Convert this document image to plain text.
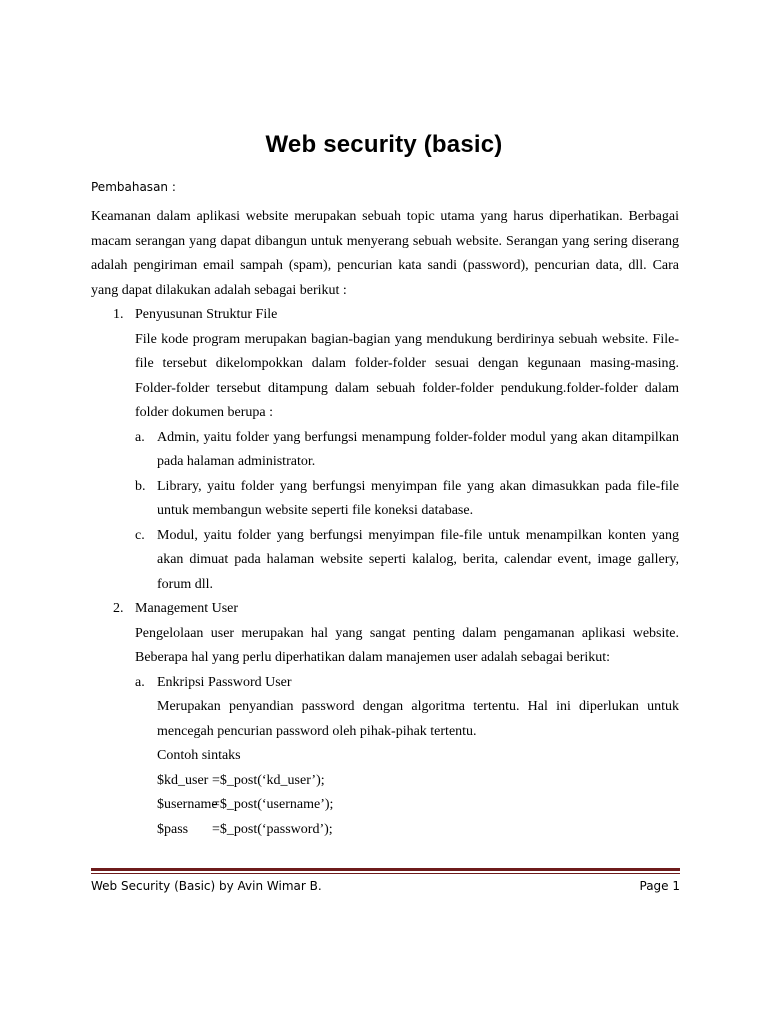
Web security (basic)
Pembahasan :

Keamanan dalam aplikasi website merupakan sebuah topic utama yang harus diperhatikan. Berbagai macam serangan yang dapat dibangun untuk menyerang sebuah website. Serangan yang sering diserang adalah pengiriman email sampah (spam), pencurian kata sandi (password), pencurian data, dll. Cara yang dapat dilakukan adalah sebagai berikut :

1. Penyusunan Struktur File

File kode program merupakan bagian-bagian yang mendukung berdirinya sebuah website. File-file tersebut dikelompokkan dalam folder-folder sesuai dengan kegunaan masing-masing. Folder-folder tersebut ditampung dalam sebuah folder-folder pendukung.folder-folder dalam folder dokumen berupa :

a. Admin, yaitu folder yang berfungsi menampung folder-folder modul yang akan ditampilkan pada halaman administrator.

b. Library, yaitu folder yang berfungsi menyimpan file yang akan dimasukkan pada file-file untuk membangun website seperti file koneksi database.

c. Modul, yaitu folder yang berfungsi menyimpan file-file untuk menampilkan konten yang akan dimuat pada halaman website seperti kalalog, berita, calendar event, image gallery, forum dll.

2. Management User

Pengelolaan user merupakan hal yang sangat penting dalam pengamanan aplikasi website. Beberapa hal yang perlu diperhatikan dalam manajemen user adalah sebagai berikut:

a. Enkripsi Password User

Merupakan penyandian password dengan algoritma tertentu. Hal ini diperlukan untuk mencegah pencurian password oleh pihak-pihak tertentu.

Contoh sintaks
$kd_user =$_post(‘kd_user’);
$username
=$_post(‘username’);
$pass	=$_post(‘password’);
Web Security (Basic) by Avin Wimar B.	Page 1
